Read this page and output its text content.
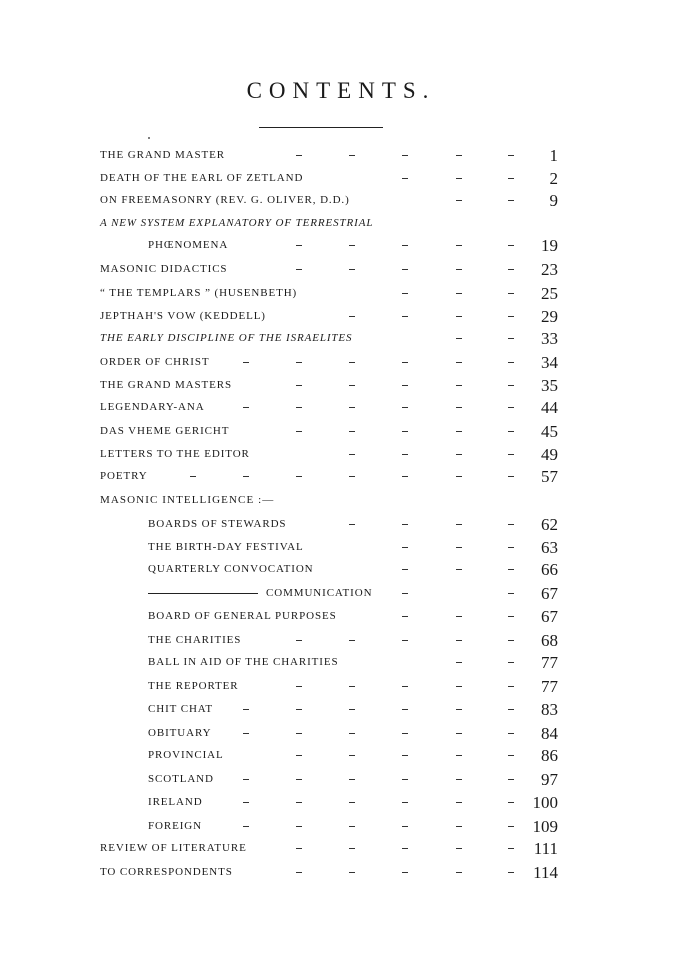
CONTENTS.
THE GRAND MASTER	1
DEATH OF THE EARL OF ZETLAND	2
ON FREEMASONRY (REV. G. OLIVER, D.D.)	9
A NEW SYSTEM EXPLANATORY OF TERRESTRIAL
PHŒNOMENA	19
MASONIC DIDACTICS	23
“ THE TEMPLARS ” (HUSENBETH)	25
JEPTHAH'S VOW (KEDDELL)	29
THE EARLY DISCIPLINE OF THE ISRAELITES	33
ORDER OF CHRIST	34
THE GRAND MASTERS	35
LEGENDARY-ANA	44
DAS VHEME GERICHT	45
LETTERS TO THE EDITOR	49
POETRY	57
MASONIC INTELLIGENCE :—
BOARDS OF STEWARDS	62
THE BIRTH-DAY FESTIVAL	63
QUARTERLY CONVOCATION	66
COMMUNICATION	67
BOARD OF GENERAL PURPOSES	67
THE CHARITIES	68
BALL IN AID OF THE CHARITIES	77
THE REPORTER	77
CHIT CHAT	83
OBITUARY	84
PROVINCIAL	86
SCOTLAND	97
IRELAND	100
FOREIGN	109
REVIEW OF LITERATURE	111
TO CORRESPONDENTS	114
